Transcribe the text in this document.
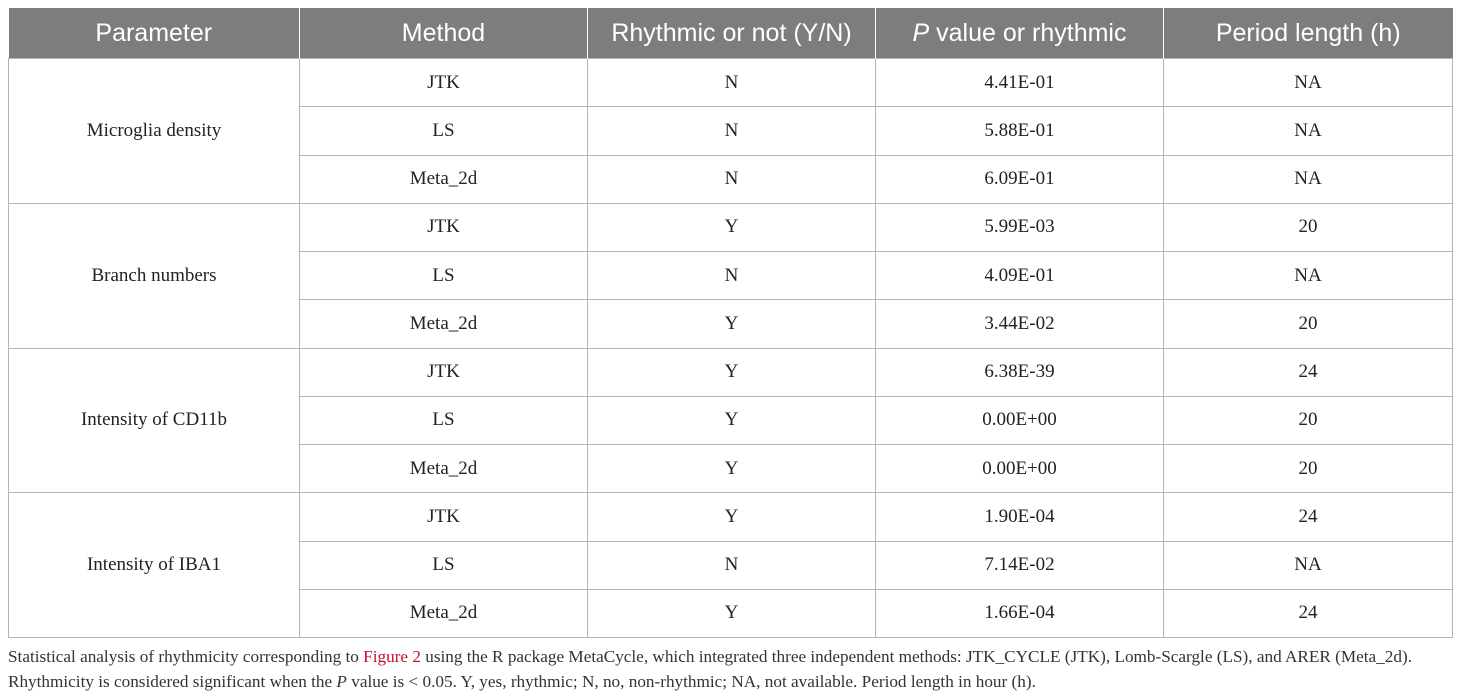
Parameter	Method	Rhythmic or not (Y/N)	P value or rhythmic	Period length (h)
Microglia density	JTK	N	4.41E-01	NA
	LS	N	5.88E-01	NA
	Meta_2d	N	6.09E-01	NA
Branch numbers	JTK	Y	5.99E-03	20
	LS	N	4.09E-01	NA
	Meta_2d	Y	3.44E-02	20
Intensity of CD11b	JTK	Y	6.38E-39	24
	LS	Y	0.00E+00	20
	Meta_2d	Y	0.00E+00	20
Intensity of IBA1	JTK	Y	1.90E-04	24
	LS	N	7.14E-02	NA
	Meta_2d	Y	1.66E-04	24
Statistical analysis of rhythmicity corresponding to Figure 2 using the R package MetaCycle, which integrated three independent methods: JTK_CYCLE (JTK), Lomb-Scargle (LS), and ARER (Meta_2d). Rhythmicity is considered significant when the P value is < 0.05. Y, yes, rhythmic; N, no, non-rhythmic; NA, not available. Period length in hour (h).
